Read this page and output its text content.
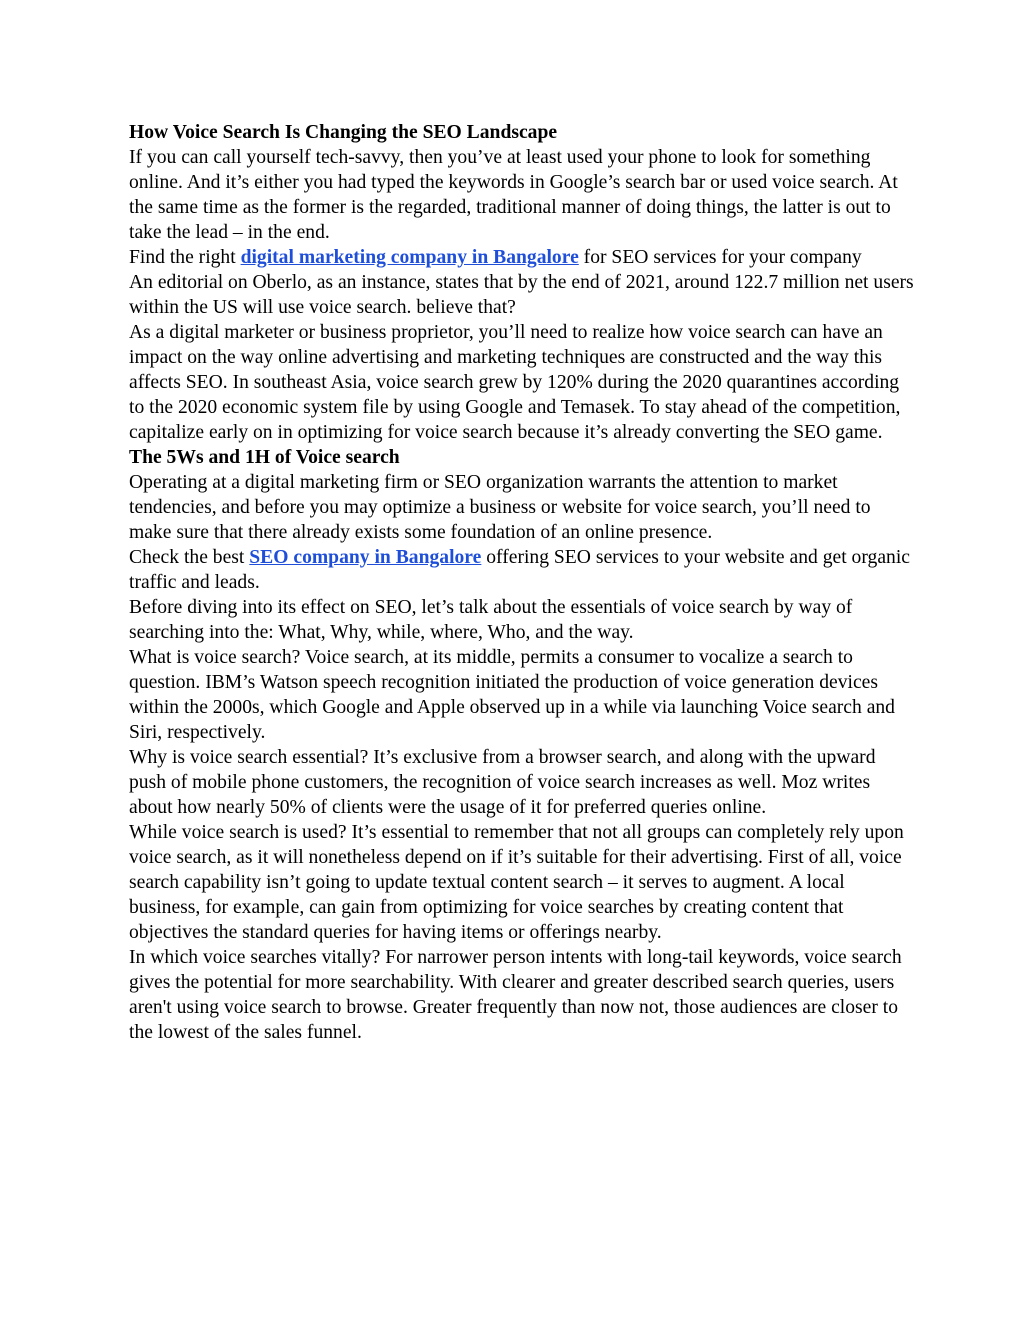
How Voice Search Is Changing the SEO Landscape

If you can call yourself tech-savvy, then you’ve at least used your phone to look for something online. And it’s either you had typed the keywords in Google’s search bar or used voice search. At the same time as the former is the regarded, traditional manner of doing things, the latter is out to take the lead – in the end.

Find the right digital marketing company in Bangalore for SEO services for your company

An editorial on Oberlo, as an instance, states that by the end of 2021, around 122.7 million net users within the US will use voice search. believe that?

As a digital marketer or business proprietor, you’ll need to realize how voice search can have an impact on the way online advertising and marketing techniques are constructed and the way this affects SEO. In southeast Asia, voice search grew by 120% during the 2020 quarantines according to the 2020 economic system file by using Google and Temasek. To stay ahead of the competition, capitalize early on in optimizing for voice search because it’s already converting the SEO game.

The 5Ws and 1H of Voice search

Operating at a digital marketing firm or SEO organization warrants the attention to market tendencies, and before you may optimize a business or website for voice search, you’ll need to make sure that there already exists some foundation of an online presence.

Check the best SEO company in Bangalore offering SEO services to your website and get organic traffic and leads.

Before diving into its effect on SEO, let’s talk about the essentials of voice search by way of searching into the: What, Why, while, where, Who, and the way.

What is voice search? Voice search, at its middle, permits a consumer to vocalize a search to question. IBM’s Watson speech recognition initiated the production of voice generation devices within the 2000s, which Google and Apple observed up in a while via launching Voice search and Siri, respectively.

Why is voice search essential? It’s exclusive from a browser search, and along with the upward push of mobile phone customers, the recognition of voice search increases as well. Moz writes about how nearly 50% of clients were the usage of it for preferred queries online.

While voice search is used? It’s essential to remember that not all groups can completely rely upon voice search, as it will nonetheless depend on if it’s suitable for their advertising. First of all, voice search capability isn’t going to update textual content search – it serves to augment. A local business, for example, can gain from optimizing for voice searches by creating content that objectives the standard queries for having items or offerings nearby.

In which voice searches vitally? For narrower person intents with long-tail keywords, voice search gives the potential for more searchability. With clearer and greater described search queries, users aren't using voice search to browse. Greater frequently than now not, those audiences are closer to the lowest of the sales funnel.
